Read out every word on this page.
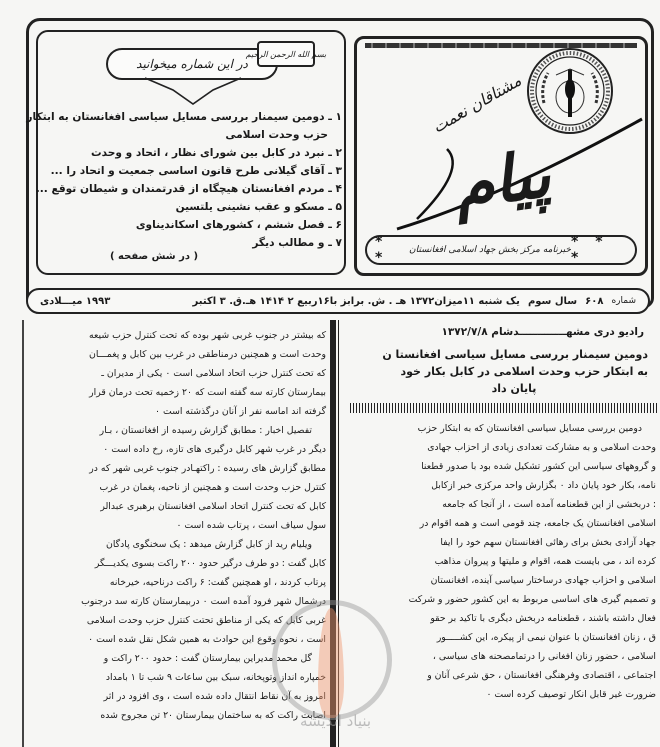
در این شماره میخوانید
۱ ـ دومین سیمنار بررسی مسایل سیاسی افغانستان به ابتکار
حزب وحدت اسلامی
۲ ـ نبرد در کابل بین شورای نظار ، اتحاد و وحدت
۳ ـ آقای گیلانی طرح قانون اساسی جمعیت و اتحاد را ...
۴ ـ مردم افغانستان هیچگاه از قدرتمندان و شیطان توقع ...
۵ ـ مسکو و عقب نشینی یلتسین
۶ ـ فصل ششم ، کشورهای اسکاندیناوی
۷ ـ و مطالب دیگر
( در شش صفحه )
بسم الله الرحمن الرحیم
مشتاقان نعمت
پیام
* *	خبرنامه مرکز بخش جهاد اسلامی افغانستان * * *
شماره
۶۰۸
سال سوم
یک شنبه ۱۱میزان۱۳۷۲ هـ . ش. برابز با۱۶ربیع ۲ ۱۴۱۴ هـ.ق. ۳ اکتبر
۱۹۹۳ میـــلادی
رادیو دری مشهـــــــــــــدشام ۱۳۷۲/۷/۸

دومین سیمنار بررسی مسایل سیاسی افغانستا ن

به ابتکار حزب وحدت اسلامی در کابل بکار خود

پایان داد

دومین بررسی مسایل سیاسی افغانستان که به ابتکار حزب

وحدت اسلامی و به مشارکت تعدادی زیادی از احزاب جهادی

و گروههای سیاسی این کشور تشکیل شده بود با صدور قطعنا

نامه، بکار خود پایان داد ۰ بگزارش واحد مرکزی خبر ازکابل

: دربخشی از این قطعنامه آمده است ، از آنجا که جامعه

اسلامی افغانستان یک جامعه، چند قومی است و همه اقوام در

جهاد آزادی بخش برای رهائی افغانستان سهم خود را ایفا

کرده اند ، می بایست همه، اقوام و ملیتها و پیروان مذاهب

اسلامی و احزاب جهادی درساختار سیاسی آینده، افغانستان

و تصمیم گیری های اساسی مربوط به این کشور حضور و شرکت

فعال داشته باشند ، قطعنامه دربخش دیگری با تاکید بر حقو

ق ، زنان افغانستان با عنوان نیمی از پیکره، این کشـــــور

اسلامی ، حضور زنان افغانی را درتمامصحنه های سیاسی ،

اجتماعی ، اقتصادی وفرهنگی افغانستان ، حق شرعی آنان و

ضرورت غیر قابل انکار توصیف کرده است ۰

که بیشتر در جنوب غربی شهر بوده که تحت کنترل حزب شیعه

وحدت است و همچنین درمناطقی در غرب بین کابل و پغمـــان

که تحت کنترل حزب اتحاد اسلامی است ۰ یکی از مدیران ـ

بیمارستان کارته سه گفته است که ۲۰ زخمیه تحت درمان قرار

گرفته اند اماسه نفر از آنان درگذشته است ۰

تفصیل اخبار : مطابق گزارش رسیده از افغانستان ، بـار

دیگر در غرب شهر کابل درگیری های تازه، رخ داده است ۰

مطابق گزارش های رسیده : راکتهـادر جنوب غربی شهر که در

کنترل حزب وحدت است و همچنین از ناحیه، پغمان در غرب

کابل که تحت کنترل اتحاد اسلامی افغانستان برهبری عبدالر

سول سیاف است ، پرتاب شده است ۰

ویلیام رید از کابل گزارش میدهد : یک سخنگوی پادگان

کابل گفت : دو طرف درگیر حدود ۲۰۰ راکت بسوی یکدیـــگر

پرتاب کردند ، او همچنین گفت: ۶ راکت درناحیه، خیرخانه

درشمال شهر فرود آمده است ۰ دربیمارستان کارته سد درجنوب

غربی کابل که یکی از مناطق تحتت کنترل حزب وحدت اسلامی

است ، نحوه وقوع این حوادث به همین شکل نقل شده است ۰

گل محمد مدیراین بیمارستان گفت : حدود ۲۰۰ راکت و

خمپاره انداز وتوپخانه، سبک بین ساعات ۹ شب تا ۱ بامداد

امروز به آن نقاط انتقال داده شده است ، وی افزود در اثر

اصابت راکت که به ساختمان بیمارستان ۲۰ تن مجروح شده

بنیاد اندیشه
